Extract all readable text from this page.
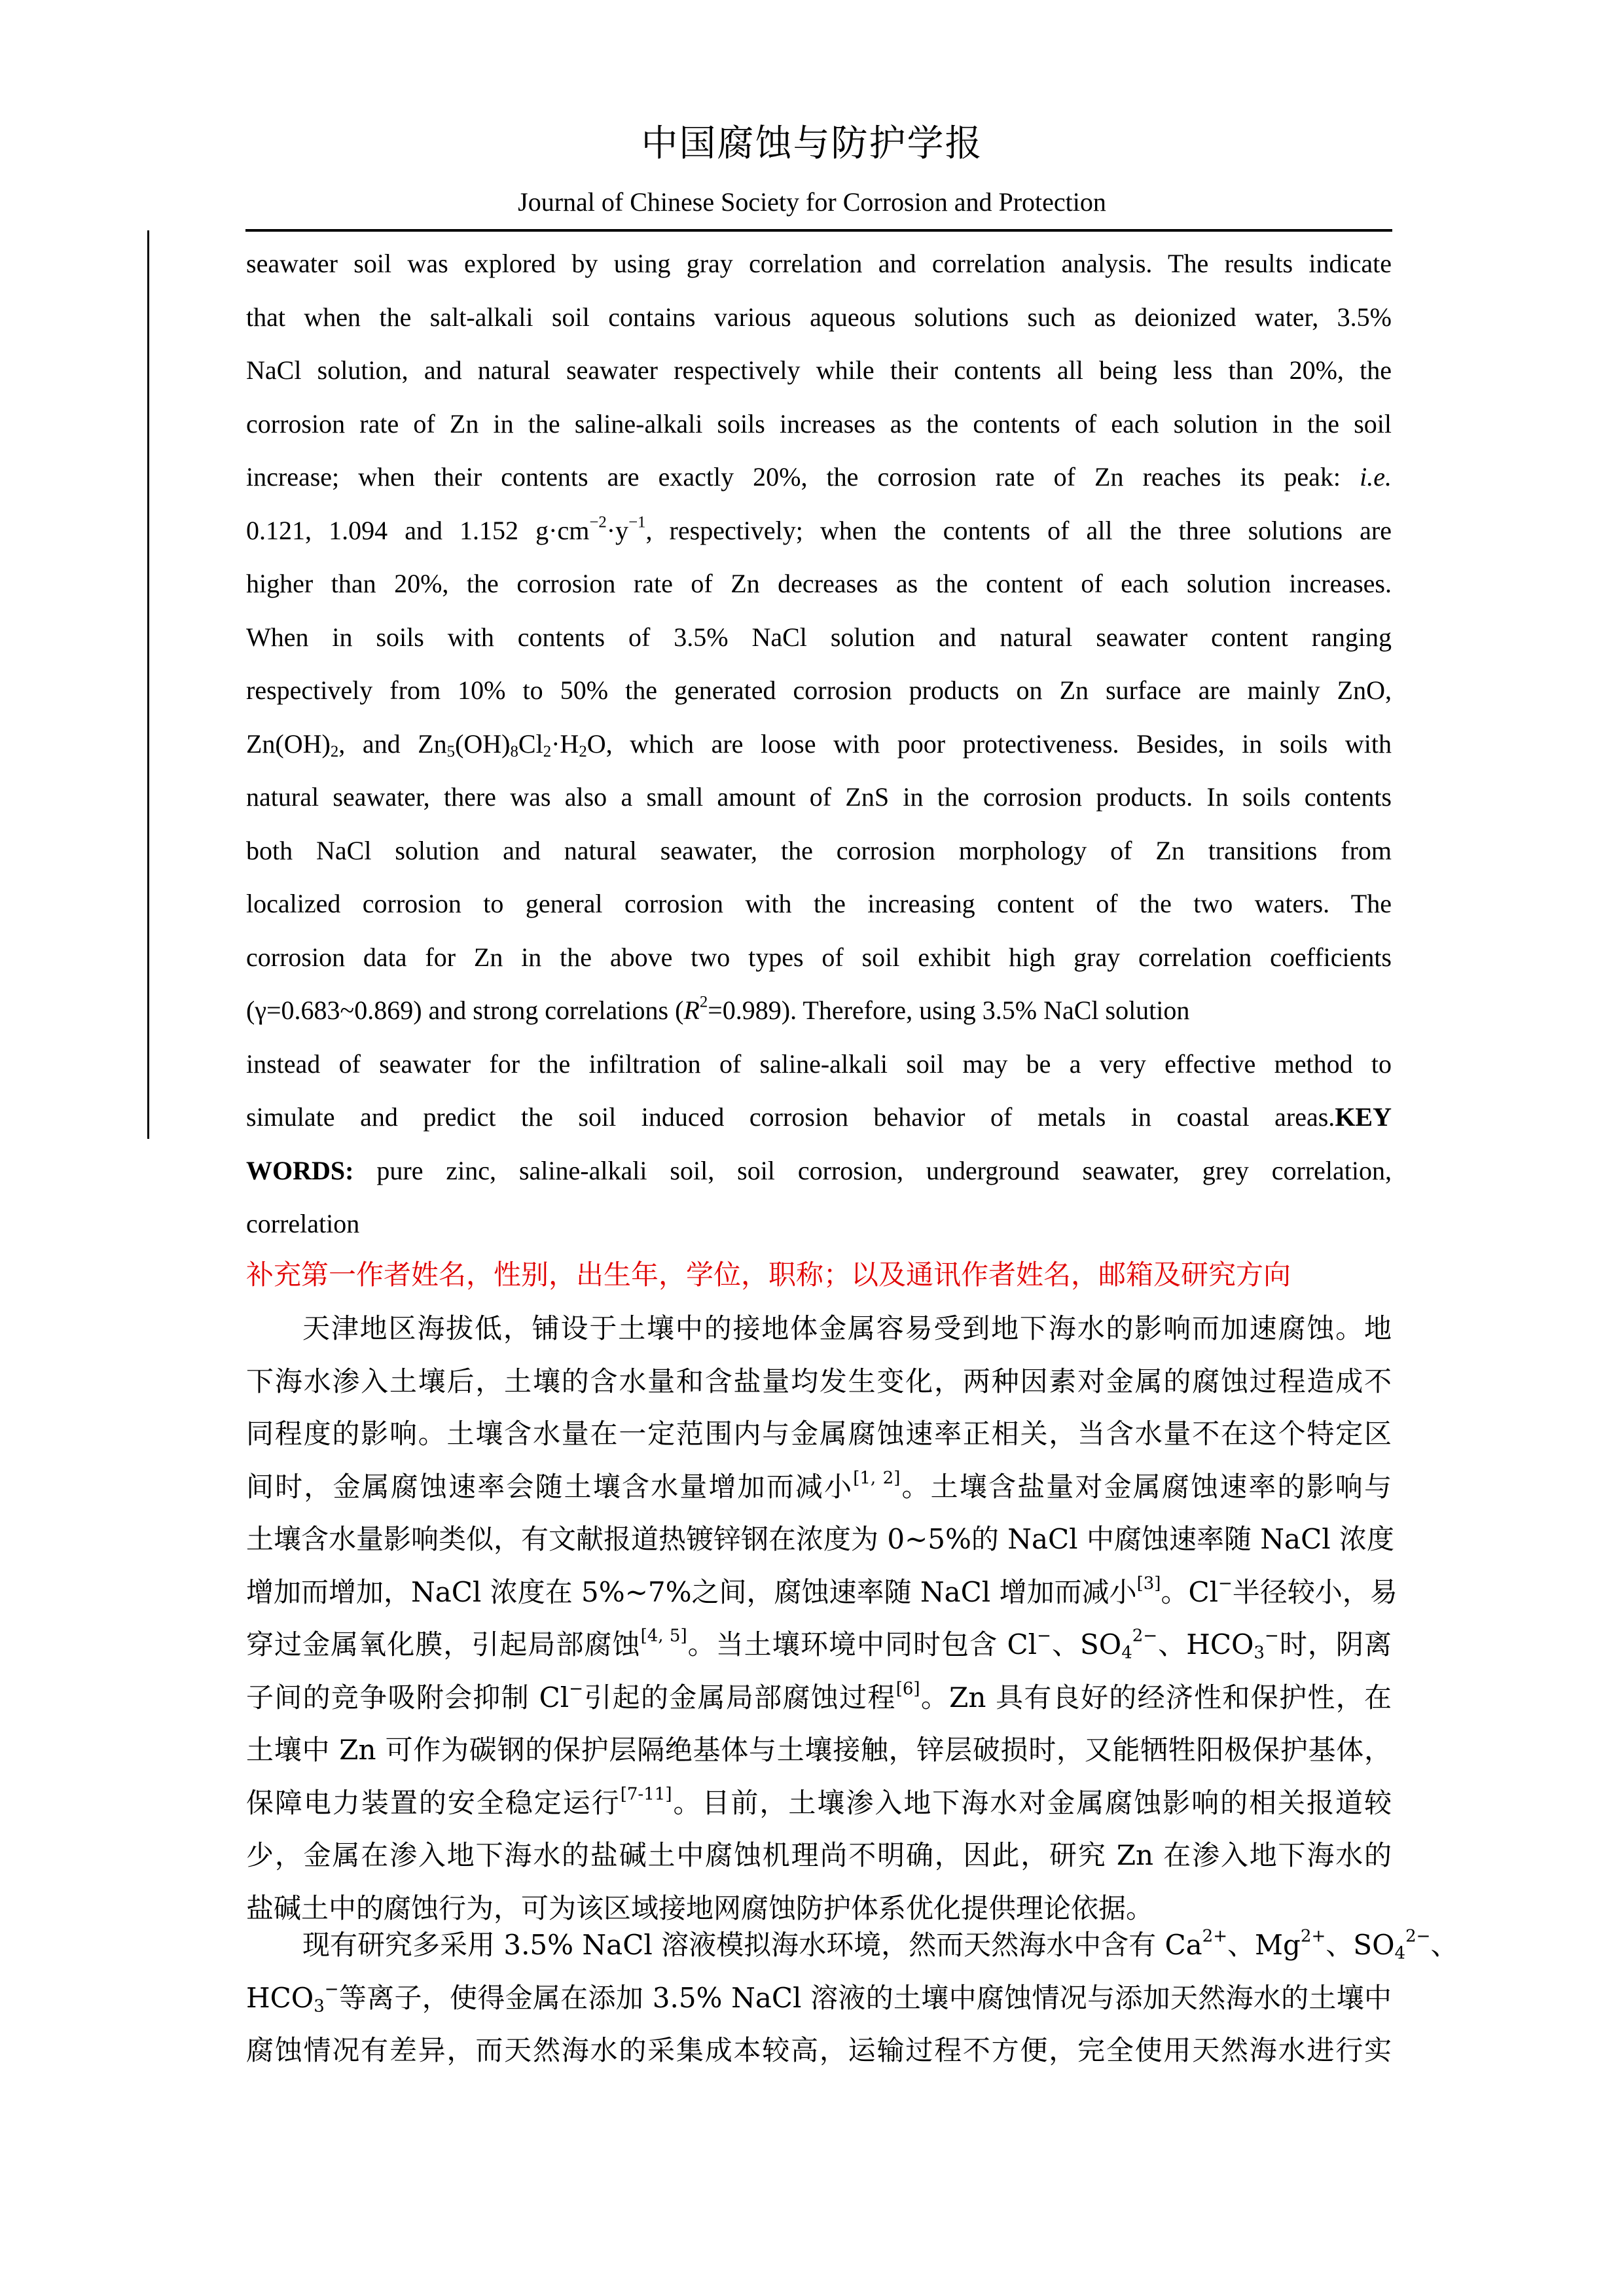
中国腐蚀与防护学报
Journal of Chinese Society for Corrosion and Protection
seawater soil was explored by using gray correlation and correlation analysis. The results indicate
that when the salt-alkali soil contains various aqueous solutions such as deionized water, 3.5%
NaCl solution, and natural seawater respectively while their contents all being less than 20%, the
corrosion rate of Zn in the saline-alkali soils increases as the contents of each solution in the soil
increase; when their contents are exactly 20%, the corrosion rate of Zn reaches its peak: i.e.
0.121, 1.094 and 1.152 $g\cdot cm^{-2}\cdot y^{-1}$, respectively; when the contents of all the three solutions are
higher than 20%, the corrosion rate of Zn decreases as the content of each solution increases.
When in soils with contents of 3.5% NaCl solution and natural seawater content ranging
respectively from 10% to 50% the generated corrosion products on Zn surface are mainly ZnO,
$Zn(OH)_2$, and $Zn_5(OH)_8Cl_2\cdot H_2O$, which are loose with poor protectiveness. Besides, in soils with
natural seawater, there was also a small amount of ZnS in the corrosion products. In soils contents
both NaCl solution and natural seawater, the corrosion morphology of Zn transitions from
localized corrosion to general corrosion with the increasing content of the two waters. The
corrosion data for Zn in the above two types of soil exhibit high gray correlation coefficients
(γ=0.683~0.869) and strong correlations $(R^2=0.989)$. Therefore, using 3.5% NaCl solution
instead of seawater for the infiltration of saline-alkali soil may be a very effective method to
simulate and predict the soil induced corrosion behavior of metals in coastal areas.KEY
WORDS: pure zinc, saline-alkali soil, soil corrosion, underground seawater, grey correlation,
correlation
补充第一作者姓名，性别，出生年，学位，职称；以及通讯作者姓名，邮箱及研究方向
天津地区海拔低，铺设于土壤中的接地体金属容易受到地下海水的影响而加速腐蚀。地
下海水渗入土壤后，土壤的含水量和含盐量均发生变化，两种因素对金属的腐蚀过程造成不
同程度的影响。土壤含水量在一定范围内与金属腐蚀速率正相关，当含水量不在这个特定区
间时，金属腐蚀速率会随土壤含水量增加而减小[1, 2]。土壤含盐量对金属腐蚀速率的影响与
土壤含水量影响类似，有文献报道热镀锌钢在浓度为 0~5%的 NaCl 中腐蚀速率随 NaCl 浓度
增加而增加，NaCl 浓度在 5%~7%之间，腐蚀速率随 NaCl 增加而减小[3]。Cl−半径较小，易
穿过金属氧化膜，引起局部腐蚀[4, 5]。当土壤环境中同时包含 Cl−、$SO_4^{2-}$、$HCO_3^-$时，阴离
子间的竞争吸附会抑制 Cl−引起的金属局部腐蚀过程[6]。Zn 具有良好的经济性和保护性，在
土壤中 Zn 可作为碳钢的保护层隔绝基体与土壤接触，锌层破损时，又能牺牲阳极保护基体，
保障电力装置的安全稳定运行[7-11]。目前，土壤渗入地下海水对金属腐蚀影响的相关报道较
少，金属在渗入地下海水的盐碱土中腐蚀机理尚不明确，因此，研究 Zn 在渗入地下海水的
盐碱土中的腐蚀行为，可为该区域接地网腐蚀防护体系优化提供理论依据。
现有研究多采用 3.5% NaCl 溶液模拟海水环境，然而天然海水中含有 $Ca^{2+}$、$Mg^{2+}$、$SO_4^{2-}$、
$HCO_3^-$等离子，使得金属在添加 3.5% NaCl 溶液的土壤中腐蚀情况与添加天然海水的土壤中
腐蚀情况有差异，而天然海水的采集成本较高，运输过程不方便，完全使用天然海水进行实
